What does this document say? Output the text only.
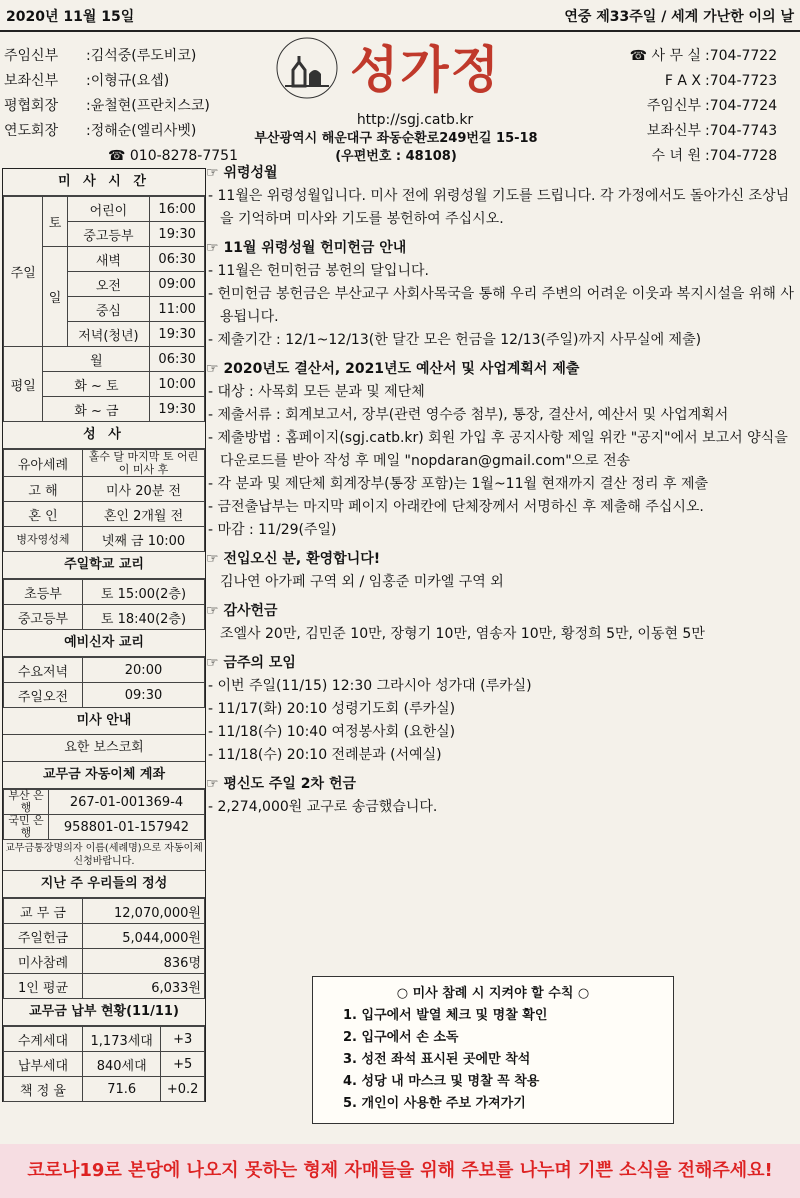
2020년 11월 15일	연중 제33주일 / 세계 가난한 이의 날
주임신부	: 김석중(루도비코)
보좌신부	: 이형규(요셉)
평협회장	: 윤철현(프란치스코)
연도회장	: 정해순(엘리사벳)
☎ 010-8278-7751
성가정
http://sgj.catb.kr
부산광역시 해운대구 좌동순환로249번길 15-18
(우편번호 : 48108)
☎ 사 무 실 : 704-7722
F A X : 704-7723
주임신부 : 704-7724
보좌신부 : 704-7743
수 녀 원 : 704-7728
미 사 시 간
주일	토	어린이	16:00
		중고등부	19:30
	일	새벽	06:30
		오전	09:00
		중심	11:00
		저녁(청년)	19:30
평일	월		06:30
	화 ~ 토		10:00
	화 ~ 금		19:30
성 사
유아세례	홀수 달 마지막 토 어린이 미사 후
고 해	미사 20분 전
혼 인	혼인 2개월 전
병자영성체	넷째 금 10:00
주일학교 교리
초등부	토 15:00(2층)
중고등부	토 18:40(2층)
예비신자 교리
수요저녁	20:00
주일오전	09:30
미사 안내
요한 보스코회
교무금 자동이체 계좌
부산 은행	267-01-001369-4
국민 은행	958801-01-157942
교무금통장명의자 이름(세례명)으로 자동이체 신청바랍니다.
지난 주 우리들의 정성
교 무 금	12,070,000원
주일헌금	5,044,000원
미사참례	836명
1인 평균	6,033원
교무금 납부 현황(11/11)
수계세대	1,173세대	+3
납부세대	840세대	+5
책 정 율	71.6	+0.2
☞ 위령성월
- 11월은 위령성월입니다. 미사 전에 위령성월 기도를 드립니다. 각 가정에서도 돌아가신 조상님을 기억하며 미사와 기도를 봉헌하여 주십시오.
☞ 11월 위령성월 헌미헌금 안내
- 11월은 헌미헌금 봉헌의 달입니다.
- 헌미헌금 봉헌금은 부산교구 사회사목국을 통해 우리 주변의 어려운 이웃과 복지시설을 위해 사용됩니다.
- 제출기간 : 12/1~12/13(한 달간 모은 헌금을 12/13(주일)까지 사무실에 제출)
☞ 2020년도 결산서, 2021년도 예산서 및 사업계획서 제출
- 대상 : 사목회 모든 분과 및 제단체
- 제출서류 : 회계보고서, 장부(관련 영수증 첨부), 통장, 결산서, 예산서 및 사업계획서
- 제출방법 : 홈페이지(sgj.catb.kr) 회원 가입 후 공지사항 제일 위칸 "공지"에서 보고서 양식을 다운로드를 받아 작성 후 메일 "nopdaran@gmail.com"으로 전송
- 각 분과 및 제단체 회계장부(통장 포함)는 1월~11월 현재까지 결산 정리 후 제출
- 금전출납부는 마지막 페이지 아래칸에 단체장께서 서명하신 후 제출해 주십시오.
- 마감 : 11/29(주일)
☞ 전입오신 분, 환영합니다!
김나연 아가페 구역 외 / 임홍준 미카엘 구역 외
☞ 감사헌금
조엘사 20만, 김민준 10만, 장형기 10만, 염송자 10만, 황정희 5만, 이동현 5만
☞ 금주의 모임
- 이번 주일(11/15) 12:30 그라시아 성가대 (루카실)
- 11/17(화) 20:10 성령기도회 (루카실)
- 11/18(수) 10:40 여정봉사회 (요한실)
- 11/18(수) 20:10 전례분과 (서예실)
☞ 평신도 주일 2차 헌금
- 2,274,000원 교구로 송금했습니다.
○ 미사 참례 시 지켜야 할 수칙 ○
1. 입구에서 발열 체크 및 명찰 확인
2. 입구에서 손 소독
3. 성전 좌석 표시된 곳에만 착석
4. 성당 내 마스크 및 명찰 꼭 착용
5. 개인이 사용한 주보 가져가기
코로나19로 본당에 나오지 못하는 형제 자매들을 위해 주보를 나누며 기쁜 소식을 전해주세요!
